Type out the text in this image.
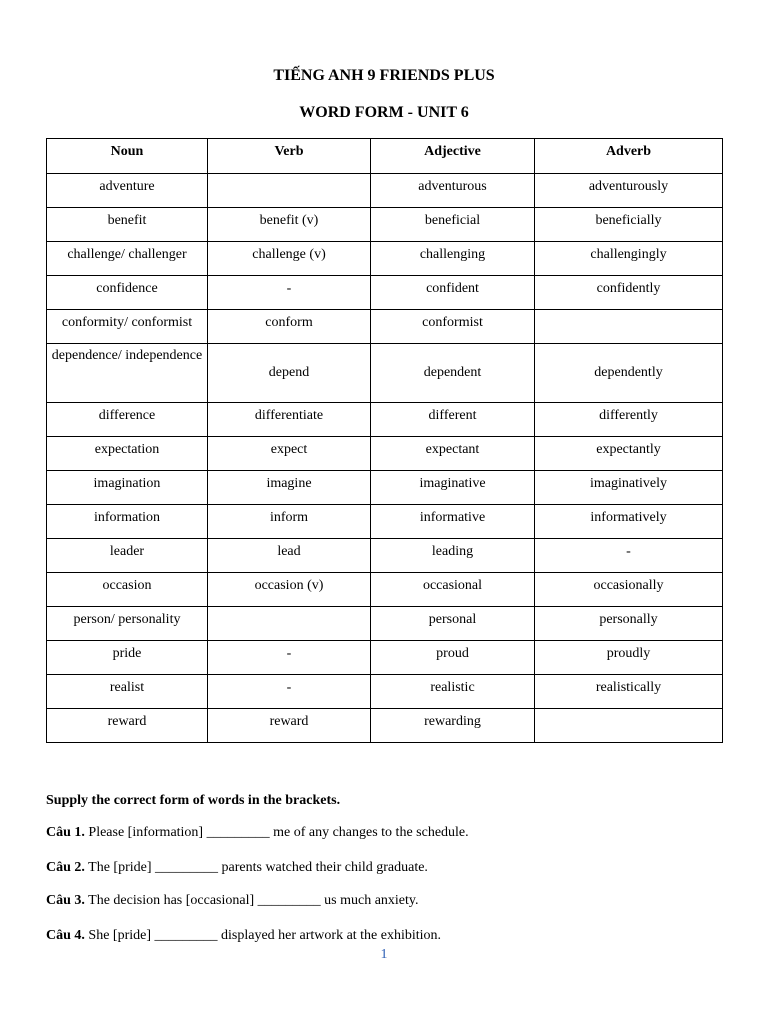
TIẾNG ANH 9 FRIENDS PLUS
WORD FORM - UNIT 6
Noun	Verb	Adjective	Adverb
adventure		adventurous	adventurously
benefit	benefit (v)	beneficial	beneficially
challenge/ challenger	challenge (v)	challenging	challengingly
confidence	-	confident	confidently
conformity/ conformist	conform	conformist	
dependence/ independence	depend	dependent	dependently
difference	differentiate	different	differently
expectation	expect	expectant	expectantly
imagination	imagine	imaginative	imaginatively
information	inform	informative	informatively
leader	lead	leading	-
occasion	occasion (v)	occasional	occasionally
person/ personality		personal	personally
pride	-	proud	proudly
realist	-	realistic	realistically
reward	reward	rewarding	

Supply the correct form of words in the brackets.

Câu 1. Please [information] _________ me of any changes to the schedule.

Câu 2. The [pride] _________ parents watched their child graduate.

Câu 3. The decision has [occasional] _________ us much anxiety.

Câu 4. She [pride] _________ displayed her artwork at the exhibition.

1
